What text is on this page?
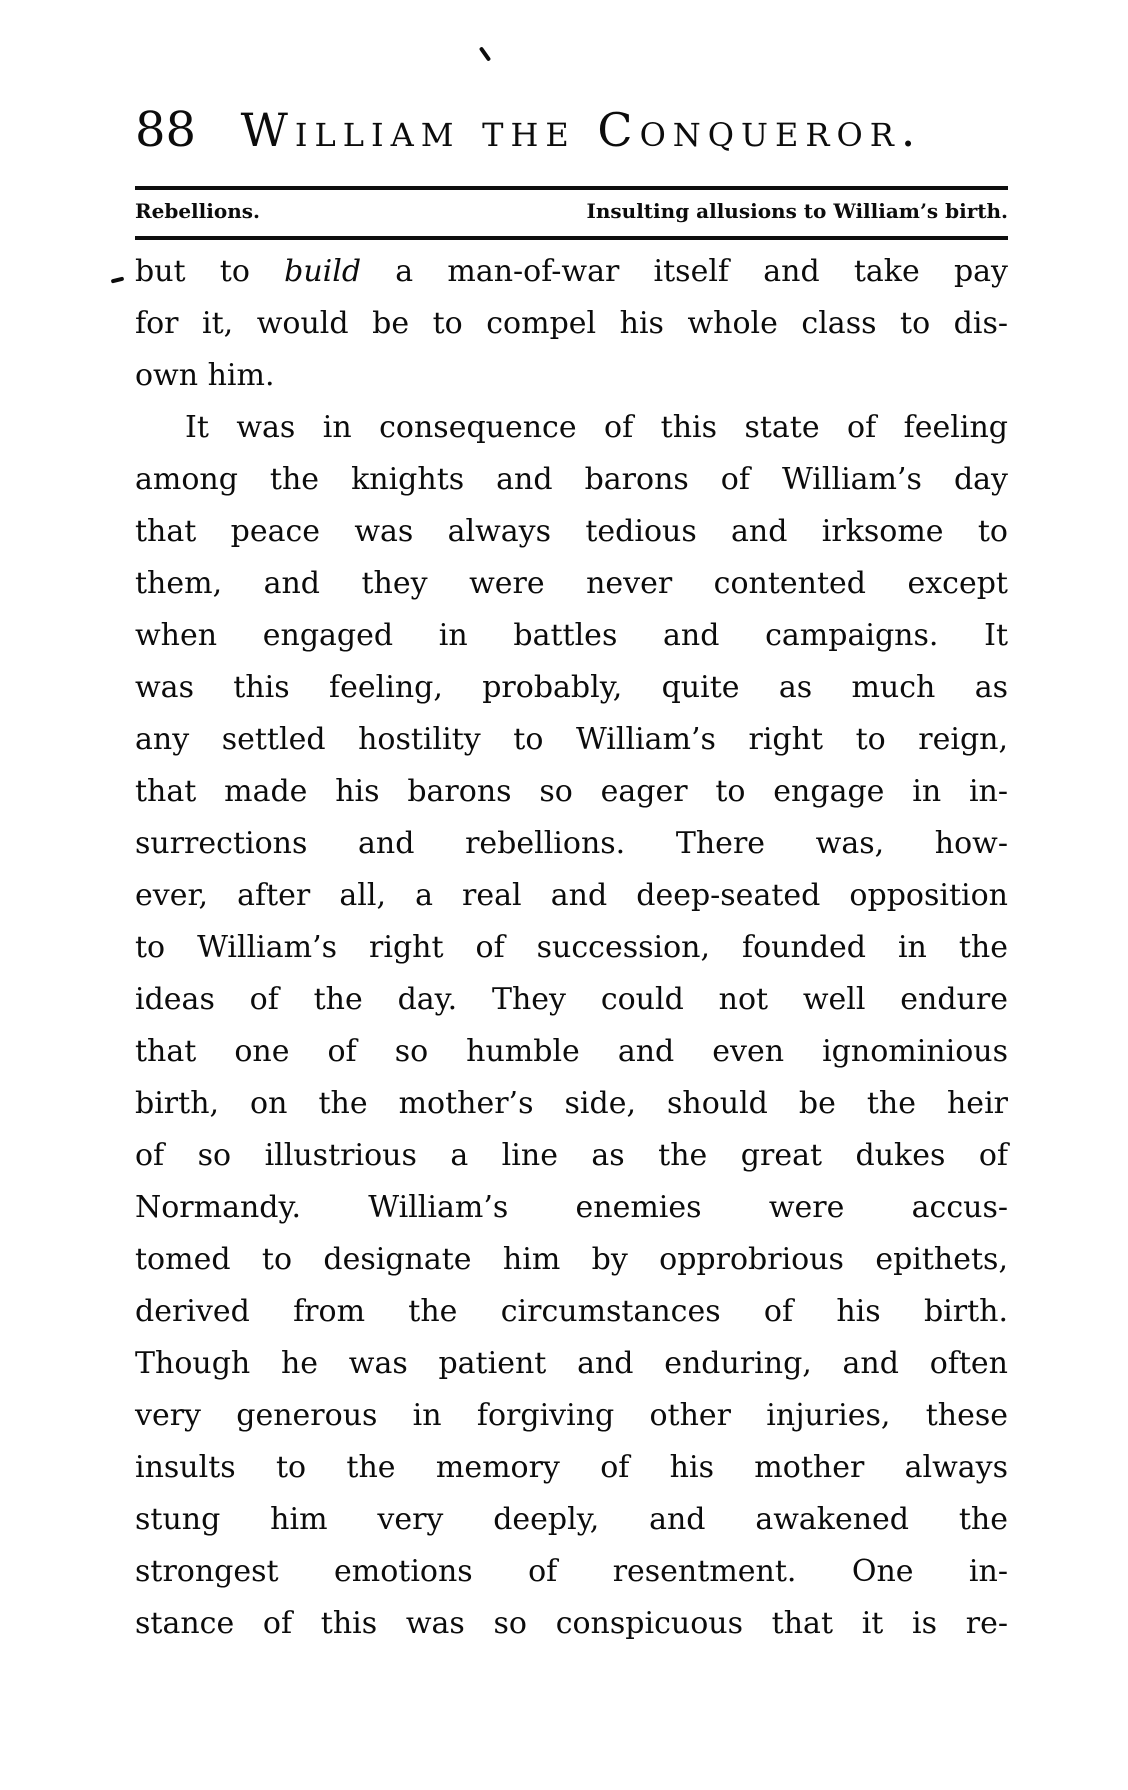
88 William the Conqueror.
Rebellions.	Insulting allusions to William’s birth.
but to build a man-of-war itself and take pay
for it, would be to compel his whole class to dis-
own him.
It was in consequence of this state of feeling
among the knights and barons of William’s day
that peace was always tedious and irksome to
them, and they were never contented except
when engaged in battles and campaigns. It
was this feeling, probably, quite as much as
any settled hostility to William’s right to reign,
that made his barons so eager to engage in in-
surrections and rebellions. There was, how-
ever, after all, a real and deep-seated opposition
to William’s right of succession, founded in the
ideas of the day. They could not well endure
that one of so humble and even ignominious
birth, on the mother’s side, should be the heir
of so illustrious a line as the great dukes of
Normandy. William’s enemies were accus-
tomed to designate him by opprobrious epithets,
derived from the circumstances of his birth.
Though he was patient and enduring, and often
very generous in forgiving other injuries, these
insults to the memory of his mother always
stung him very deeply, and awakened the
strongest emotions of resentment. One in-
stance of this was so conspicuous that it is re-
